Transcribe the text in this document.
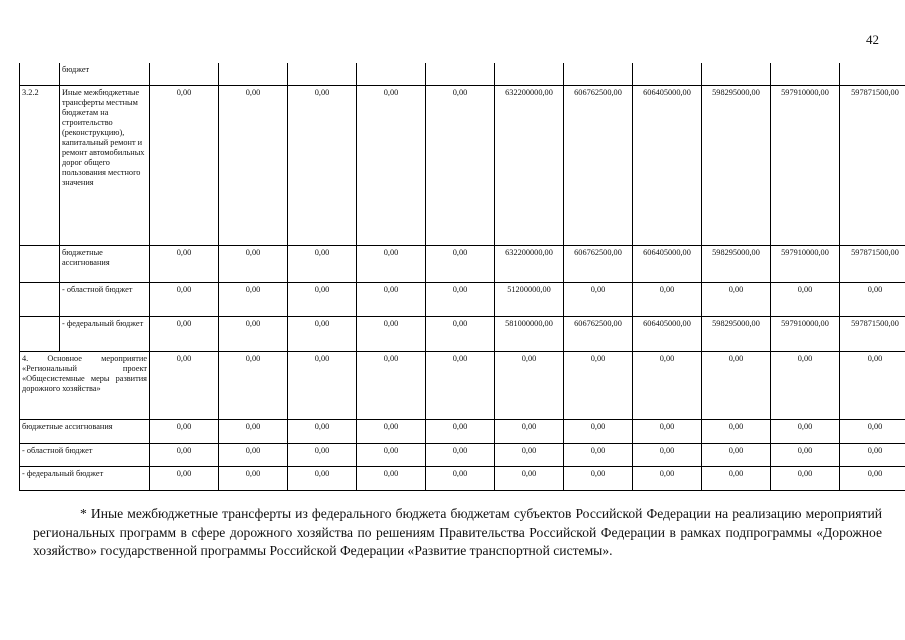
42
	бюджет											
3.2.2	Иные межбюджетные трансферты местным бюджетам на строительство (реконструкцию), капитальный ремонт и ремонт автомобильных дорог общего пользования местного значения	0,00	0,00	0,00	0,00	0,00	632200000,00	606762500,00	606405000,00	598295000,00	597910000,00	597871500,00
	бюджетные ассигнования	0,00	0,00	0,00	0,00	0,00	632200000,00	606762500,00	606405000,00	598295000,00	597910000,00	597871500,00
	- областной бюджет	0,00	0,00	0,00	0,00	0,00	51200000,00	0,00	0,00	0,00	0,00	0,00
	- федеральный бюджет	0,00	0,00	0,00	0,00	0,00	581000000,00	606762500,00	606405000,00	598295000,00	597910000,00	597871500,00
4. Основное мероприятие «Региональный проект «Общесистемные меры развития дорожного хозяйства»		0,00	0,00	0,00	0,00	0,00	0,00	0,00	0,00	0,00	0,00	0,00
бюджетные ассигнования		0,00	0,00	0,00	0,00	0,00	0,00	0,00	0,00	0,00	0,00	0,00
- областной бюджет		0,00	0,00	0,00	0,00	0,00	0,00	0,00	0,00	0,00	0,00	0,00
- федеральный бюджет		0,00	0,00	0,00	0,00	0,00	0,00	0,00	0,00	0,00	0,00	0,00

* Иные межбюджетные трансферты из федерального бюджета бюджетам субъектов Российской Федерации на реализацию мероприятий региональных программ в сфере дорожного хозяйства по решениям Правительства Российской Федерации в рамках подпрограммы «Дорожное хозяйство» государственной программы Российской Федерации «Развитие транспортной системы».
